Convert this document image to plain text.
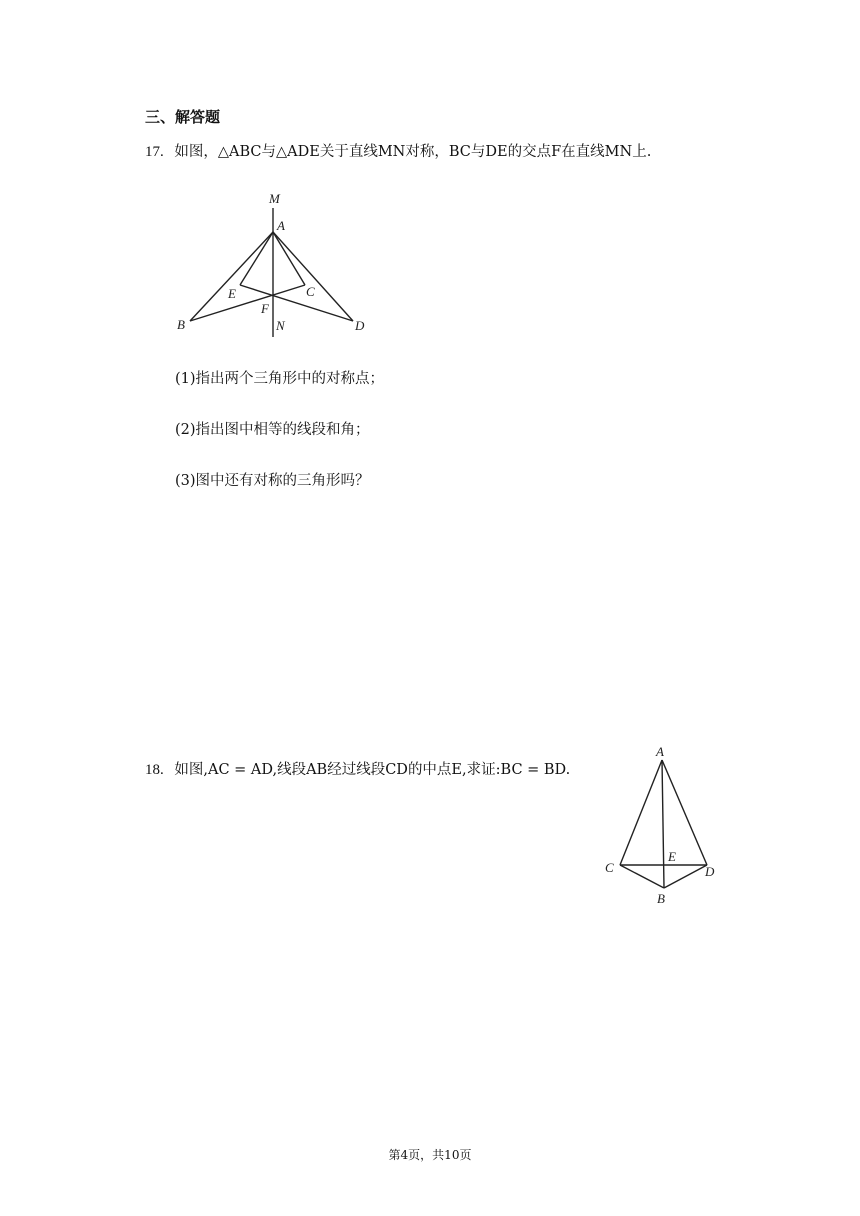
三、解答题
17. 如图，△ABC与△ADE关于直线MN对称，BC与DE的交点F在直线MN上.
M
A
E	C
F
N
B	D
(1)指出两个三角形中的对称点；
(2)指出图中相等的线段和角；
(3)图中还有对称的三角形吗？
18. 如图,AC = AD,线段AB经过线段CD的中点E,求证:BC = BD.
A
C
E
D
B
第4页，共10页
